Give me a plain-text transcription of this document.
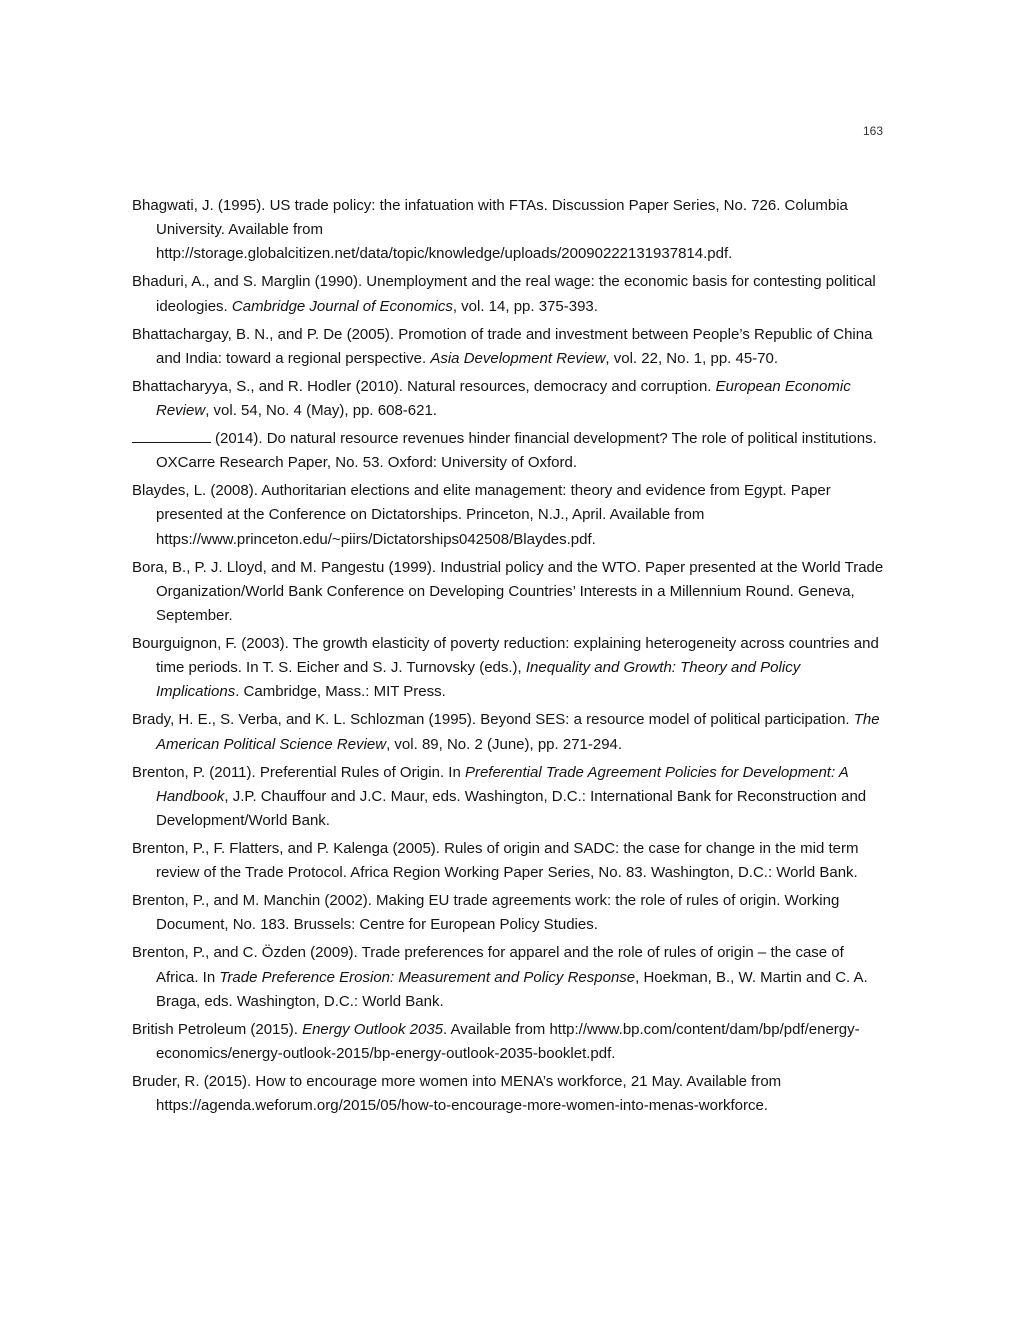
163

Bhagwati, J. (1995). US trade policy: the infatuation with FTAs. Discussion Paper Series, No. 726. Columbia University. Available from http://storage.globalcitizen.net/data/topic/knowledge/uploads/20090222131937814.pdf.

Bhaduri, A., and S. Marglin (1990). Unemployment and the real wage: the economic basis for contesting political ideologies. Cambridge Journal of Economics, vol. 14, pp. 375-393.

Bhattachargay, B. N., and P. De (2005). Promotion of trade and investment between People’s Republic of China and India: toward a regional perspective. Asia Development Review, vol. 22, No. 1, pp. 45-70.

Bhattacharyya, S., and R. Hodler (2010). Natural resources, democracy and corruption. European Economic Review, vol. 54, No. 4 (May), pp. 608-621.

(2014). Do natural resource revenues hinder financial development? The role of political institutions. OXCarre Research Paper, No. 53. Oxford: University of Oxford.

Blaydes, L. (2008). Authoritarian elections and elite management: theory and evidence from Egypt. Paper presented at the Conference on Dictatorships. Princeton, N.J., April. Available from https://www.princeton.edu/~piirs/Dictatorships042508/Blaydes.pdf.

Bora, B., P. J. Lloyd, and M. Pangestu (1999). Industrial policy and the WTO. Paper presented at the World Trade Organization/World Bank Conference on Developing Countries’ Interests in a Millennium Round. Geneva, September.

Bourguignon, F. (2003). The growth elasticity of poverty reduction: explaining heterogeneity across countries and time periods. In T. S. Eicher and S. J. Turnovsky (eds.), Inequality and Growth: Theory and Policy Implications. Cambridge, Mass.: MIT Press.

Brady, H. E., S. Verba, and K. L. Schlozman (1995). Beyond SES: a resource model of political participation. The American Political Science Review, vol. 89, No. 2 (June), pp. 271-294.

Brenton, P. (2011). Preferential Rules of Origin. In Preferential Trade Agreement Policies for Development: A Handbook, J.P. Chauffour and J.C. Maur, eds. Washington, D.C.: International Bank for Reconstruction and Development/World Bank.

Brenton, P., F. Flatters, and P. Kalenga (2005). Rules of origin and SADC: the case for change in the mid term review of the Trade Protocol. Africa Region Working Paper Series, No. 83. Washington, D.C.: World Bank.

Brenton, P., and M. Manchin (2002). Making EU trade agreements work: the role of rules of origin. Working Document, No. 183. Brussels: Centre for European Policy Studies.

Brenton, P., and C. Özden (2009). Trade preferences for apparel and the role of rules of origin – the case of Africa. In Trade Preference Erosion: Measurement and Policy Response, Hoekman, B., W. Martin and C. A. Braga, eds. Washington, D.C.: World Bank.

British Petroleum (2015). Energy Outlook 2035. Available from http://www.bp.com/content/dam/bp/pdf/energy-economics/energy-outlook-2015/bp-energy-outlook-2035-booklet.pdf.

Bruder, R. (2015). How to encourage more women into MENA’s workforce, 21 May. Available from https://agenda.weforum.org/2015/05/how-to-encourage-more-women-into-menas-workforce.
